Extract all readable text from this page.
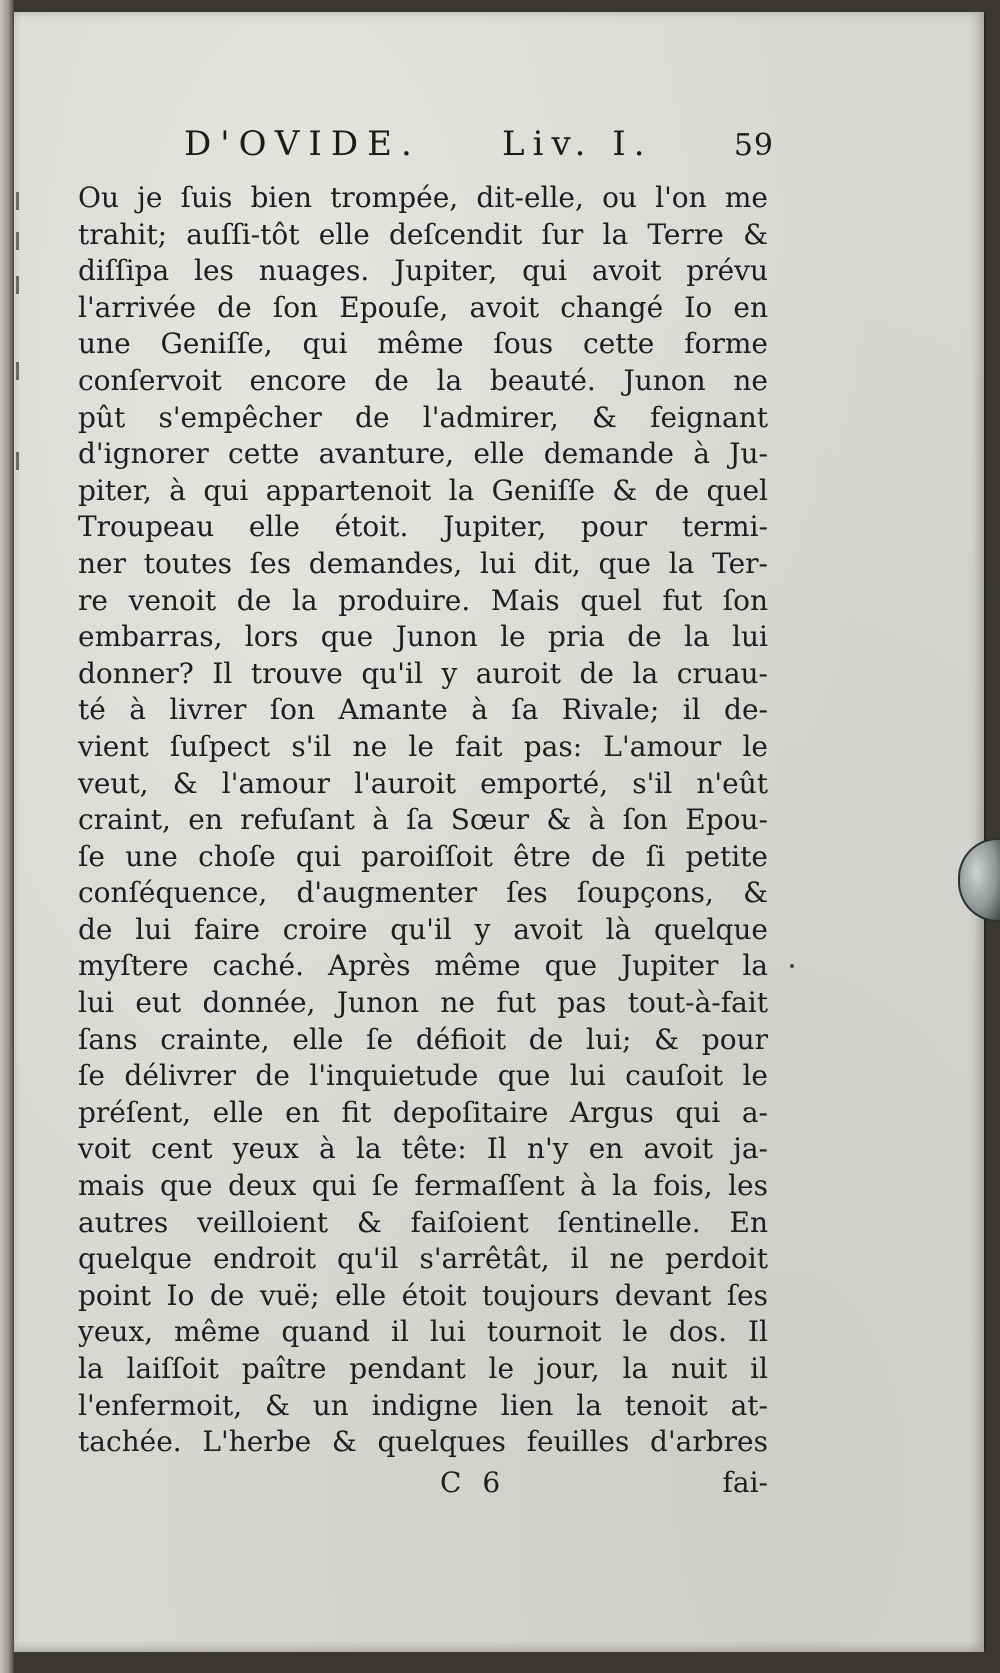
D'OVIDE. Liv. I.	59
Ou je ſuis bien trompée, dit-elle, ou l'on me
trahit; auſſi-tôt elle deſcendit ſur la Terre &
diſſipa les nuages. Jupiter, qui avoit prévu
l'arrivée de ſon Epouſe, avoit changé Io en
une Geniſſe, qui même ſous cette forme
conſervoit encore de la beauté. Junon ne
pût s'empêcher de l'admirer, & feignant
d'ignorer cette avanture, elle demande à Ju-
piter, à qui appartenoit la Geniſſe & de quel
Troupeau elle étoit. Jupiter, pour termi-
ner toutes ſes demandes, lui dit, que la Ter-
re venoit de la produire. Mais quel fut ſon
embarras, lors que Junon le pria de la lui
donner? Il trouve qu'il y auroit de la cruau-
té à livrer ſon Amante à ſa Rivale; il de-
vient ſuſpect s'il ne le fait pas: L'amour le
veut, & l'amour l'auroit emporté, s'il n'eût
craint, en refuſant à ſa Sœur & à ſon Epou-
ſe une choſe qui paroiſſoit être de ſi petite
conſéquence, d'augmenter ſes ſoupçons, &
de lui faire croire qu'il y avoit là quelque
myſtere caché. Après même que Jupiter la
lui eut donnée, Junon ne fut pas tout-à-fait
ſans crainte, elle ſe défioit de lui; & pour
ſe délivrer de l'inquietude que lui cauſoit le
préſent, elle en fit depoſitaire Argus qui a-
voit cent yeux à la tête: Il n'y en avoit ja-
mais que deux qui ſe fermaſſent à la fois, les
autres veilloient & faiſoient ſentinelle. En
quelque endroit qu'il s'arrêtât, il ne perdoit
point Io de vuë; elle étoit toujours devant ſes
yeux, même quand il lui tournoit le dos. Il
la laiſſoit paître pendant le jour, la nuit il
l'enfermoit, & un indigne lien la tenoit at-
tachée. L'herbe & quelques feuilles d'arbres
C 6	fai-
